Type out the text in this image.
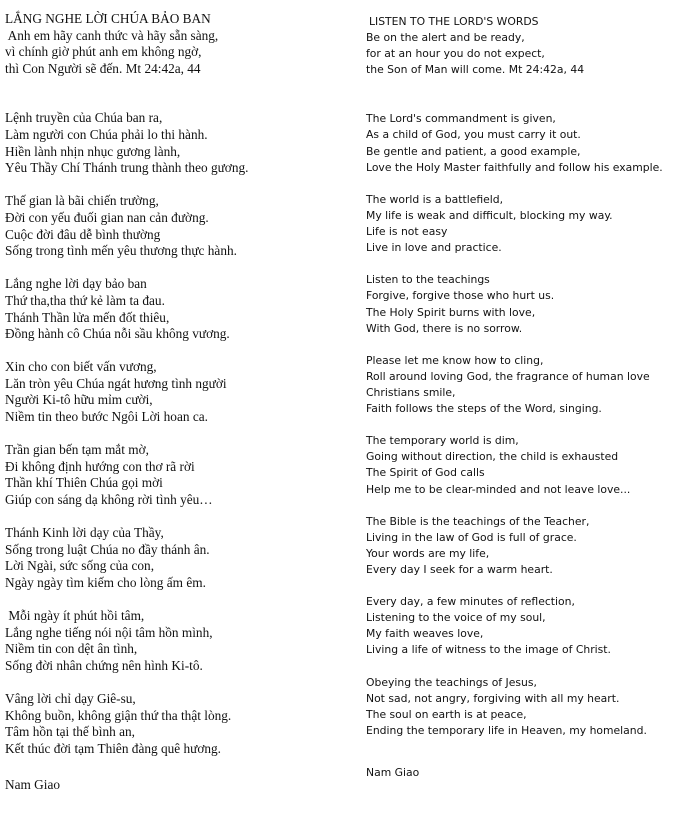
LẮNG NGHE LỜI CHÚA BẢO BAN
Anh em hãy canh thức và hãy sẵn sàng,
vì chính giờ phút anh em không ngờ,
thì Con Người sẽ đến. Mt 24:42a, 44
Lệnh truyền của Chúa ban ra,
Làm người con Chúa phải lo thi hành.
Hiền lành nhịn nhục gương lành,
Yêu Thầy Chí Thánh trung thành theo gương.
Thế gian là bãi chiến trường,
Đời con yếu đuối gian nan cản đường.
Cuộc đời đâu dễ bình thường
Sống trong tình mến yêu thương thực hành.
Lắng nghe lời dạy bảo ban
Thứ tha,tha thứ kẻ làm ta đau.
Thánh Thần lửa mến đốt thiêu,
Đồng hành cô Chúa nỗi sầu không vương.
Xin cho con biết vấn vương,
Lăn tròn yêu Chúa ngát hương tình người
Người Ki-tô hữu mỉm cười,
Niềm tin theo bước Ngôi Lời hoan ca.
Trần gian bến tạm mắt mờ,
Đi không định hướng con thơ rã rời
Thần khí Thiên Chúa gọi mời
Giúp con sáng dạ không rời tình yêu…
Thánh Kinh lời dạy của Thầy,
Sống trong luật Chúa no đầy thánh ân.
Lời Ngài, sức sống của con,
Ngày ngày tìm kiếm cho lòng ấm êm.
Mỗi ngày ít phút hồi tâm,
Lắng nghe tiếng nói nội tâm hồn mình,
Niềm tin con dệt ân tình,
Sống đời nhân chứng nên hình Ki-tô.
Vâng lời chỉ dạy Giê-su,
Không buồn, không giận thứ tha thật lòng.
Tâm hồn tại thế bình an,
Kết thúc đời tạm Thiên đàng quê hương.
Nam Giao
LISTEN TO THE LORD'S WORDS
Be on the alert and be ready,
for at an hour you do not expect,
the Son of Man will come. Mt 24:42a, 44
The Lord's commandment is given,
As a child of God, you must carry it out.
Be gentle and patient, a good example,
Love the Holy Master faithfully and follow his example.
The world is a battlefield,
My life is weak and difficult, blocking my way.
Life is not easy
Live in love and practice.
Listen to the teachings
Forgive, forgive those who hurt us.
The Holy Spirit burns with love,
With God, there is no sorrow.
Please let me know how to cling,
Roll around loving God, the fragrance of human love
Christians smile,
Faith follows the steps of the Word, singing.
The temporary world is dim,
Going without direction, the child is exhausted
The Spirit of God calls
Help me to be clear-minded and not leave love...
The Bible is the teachings of the Teacher,
Living in the law of God is full of grace.
Your words are my life,
Every day I seek for a warm heart.
Every day, a few minutes of reflection,
Listening to the voice of my soul,
My faith weaves love,
Living a life of witness to the image of Christ.
Obeying the teachings of Jesus,
Not sad, not angry, forgiving with all my heart.
The soul on earth is at peace,
Ending the temporary life in Heaven, my homeland.
Nam Giao
